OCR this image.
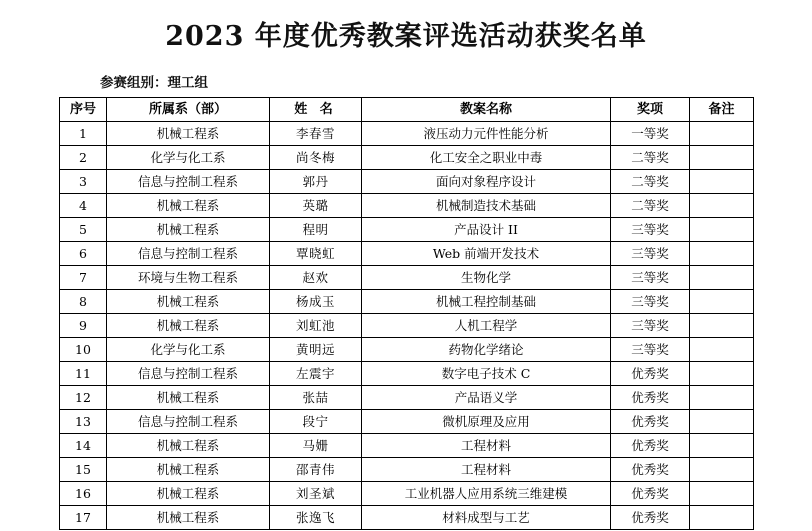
2023 年度优秀教案评选活动获奖名单
参赛组别：理工组
序号	所属系（部）	姓 名	教案名称	奖项	备注
1	机械工程系	李春雪	液压动力元件性能分析	一等奖	
2	化学与化工系	尚冬梅	化工安全之职业中毒	二等奖	
3	信息与控制工程系	郭丹	面向对象程序设计	二等奖	
4	机械工程系	英璐	机械制造技术基础	二等奖	
5	机械工程系	程明	产品设计 II	三等奖	
6	信息与控制工程系	覃晓虹	Web 前端开发技术	三等奖	
7	环境与生物工程系	赵欢	生物化学	三等奖	
8	机械工程系	杨成玉	机械工程控制基础	三等奖	
9	机械工程系	刘虹池	人机工程学	三等奖	
10	化学与化工系	黄明远	药物化学绪论	三等奖	
11	信息与控制工程系	左震宇	数字电子技术 C	优秀奖	
12	机械工程系	张喆	产品语义学	优秀奖	
13	信息与控制工程系	段宁	微机原理及应用	优秀奖	
14	机械工程系	马姗	工程材料	优秀奖	
15	机械工程系	邵青伟	工程材料	优秀奖	
16	机械工程系	刘圣斌	工业机器人应用系统三维建模	优秀奖	
17	机械工程系	张逸飞	材料成型与工艺	优秀奖	
